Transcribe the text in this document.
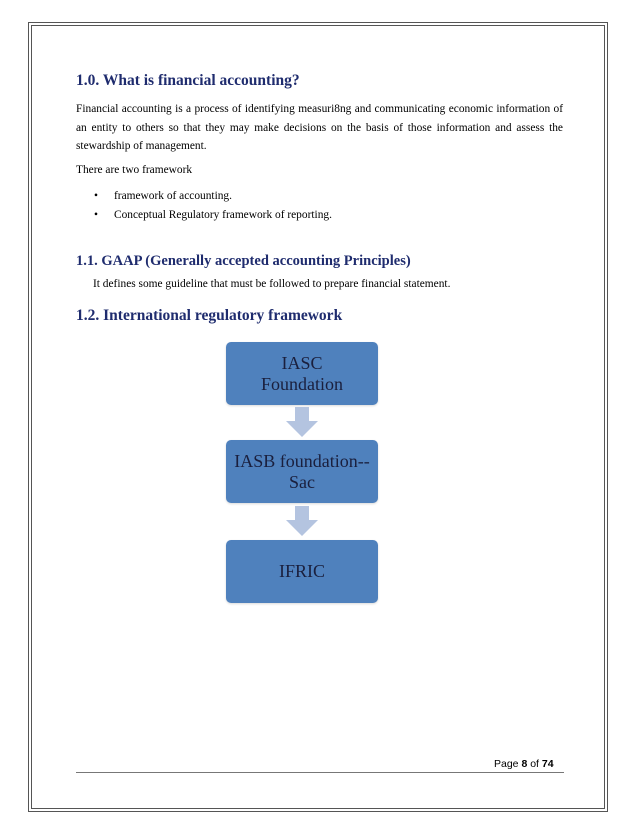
1.0. What is financial accounting?

Financial accounting is a process of identifying measuri8ng and communicating economic information of an entity to others so that they may make decisions on the basis of those information and assess the stewardship of management.

There are two framework

• framework of accounting.
• Conceptual Regulatory framework of reporting.
1.1. GAAP (Generally accepted accounting Principles)

It defines some guideline that must be followed to prepare financial statement.

1.2. International regulatory framework
IASC Foundation
IASB foundation--Sac
IFRIC
Page 8 of 74
